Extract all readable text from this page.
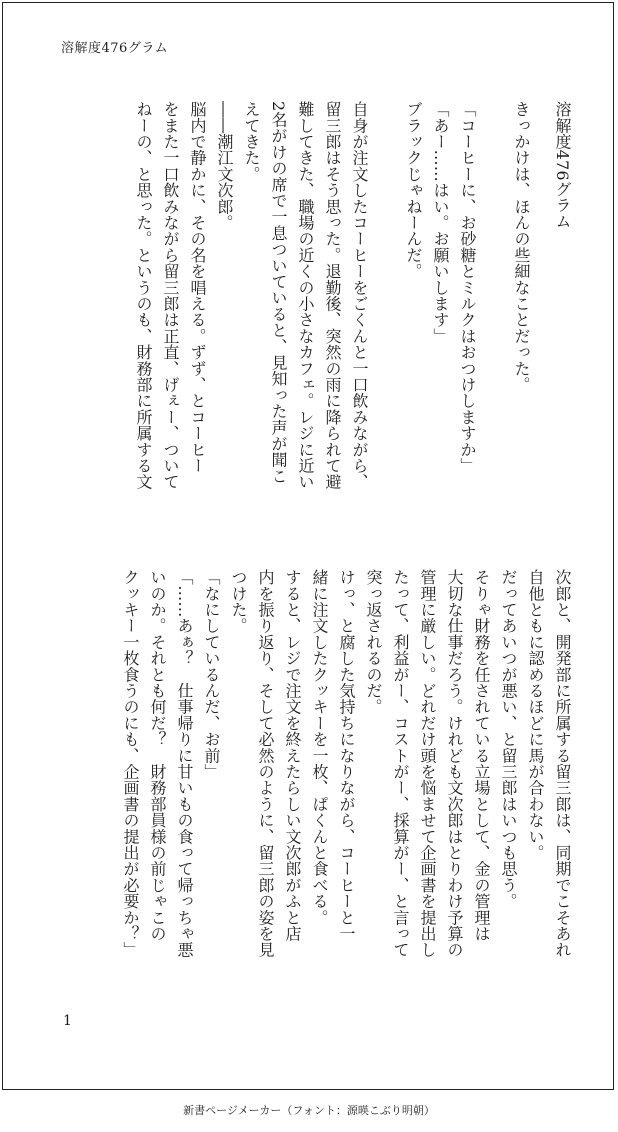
溶解度476グラム
溶解度476グラム
きっかけは、ほんの些細なことだった。
「コーヒーに、お砂糖とミルクはおつけしますか」
「あー……はい。お願いします」
ブラックじゃねーんだ。
自身が注文したコーヒーをごくんと一口飲みながら、
留三郎はそう思った。退勤後、突然の雨に降られて避
難してきた、職場の近くの小さなカフェ。レジに近い
2名がけの席で一息ついていると、見知った声が聞こ
えてきた。
――潮江文次郎。
脳内で静かに、その名を唱える。ずず、とコーヒー
をまた一口飲みながら留三郎は正直、げぇー、ついて
ねーの、と思った。というのも、財務部に所属する文
次郎と、開発部に所属する留三郎は、同期でこそあれ
自他ともに認めるほどに馬が合わない。
だってあいつが悪い、と留三郎はいつも思う。
そりゃ財務を任されている立場として、金の管理は
大切な仕事だろう。けれども文次郎はとりわけ予算の
管理に厳しい。どれだけ頭を悩ませて企画書を提出し
たって、利益がー、コストがー、採算がー、と言って
突っ返されるのだ。
けっ、と腐した気持ちになりながら、コーヒーと一
緒に注文したクッキーを一枚、ぱくんと食べる。
すると、レジで注文を終えたらしい文次郎がふと店
内を振り返り、そして必然のように、留三郎の姿を見
つけた。
「なにしているんだ、お前」
「……あぁ？　仕事帰りに甘いもの食って帰っちゃ悪
いのか。それとも何だ？　財務部員様の前じゃこの
クッキー一枚食うのにも、企画書の提出が必要か？」
1
新書ページメーカー（フォント：源暎こぶり明朝）
